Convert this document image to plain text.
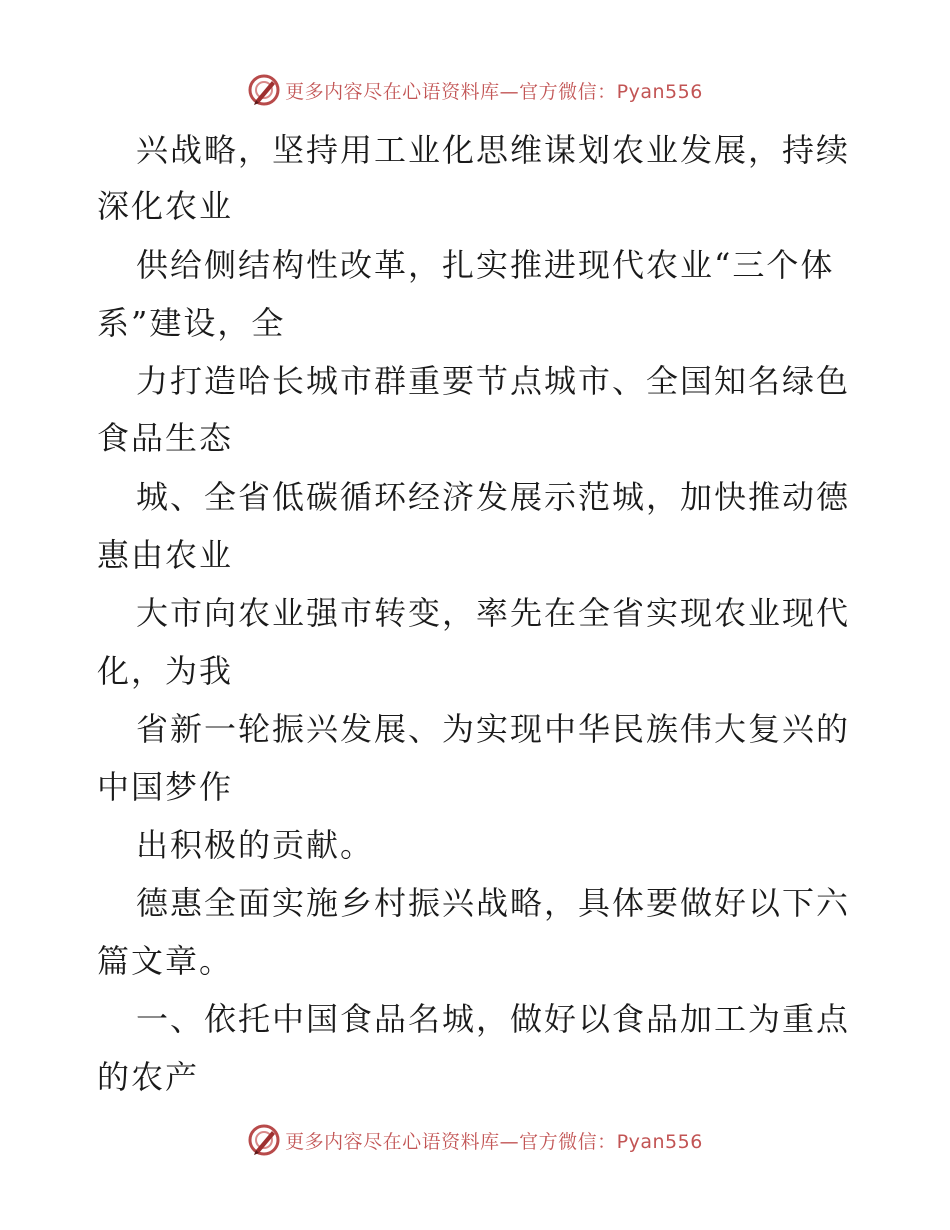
更多内容尽在心语资料库—官方微信：Pyan556
兴战略，坚持用工业化思维谋划农业发展，持续
深化农业
供给侧结构性改革，扎实推进现代农业“三个体
系”建设，全
力打造哈长城市群重要节点城市、全国知名绿色
食品生态
城、全省低碳循环经济发展示范城，加快推动德
惠由农业
大市向农业强市转变，率先在全省实现农业现代
化，为我
省新一轮振兴发展、为实现中华民族伟大复兴的
中国梦作
出积极的贡献。
德惠全面实施乡村振兴战略，具体要做好以下六
篇文章。
一、依托中国食品名城，做好以食品加工为重点
的农产
更多内容尽在心语资料库—官方微信：Pyan556
